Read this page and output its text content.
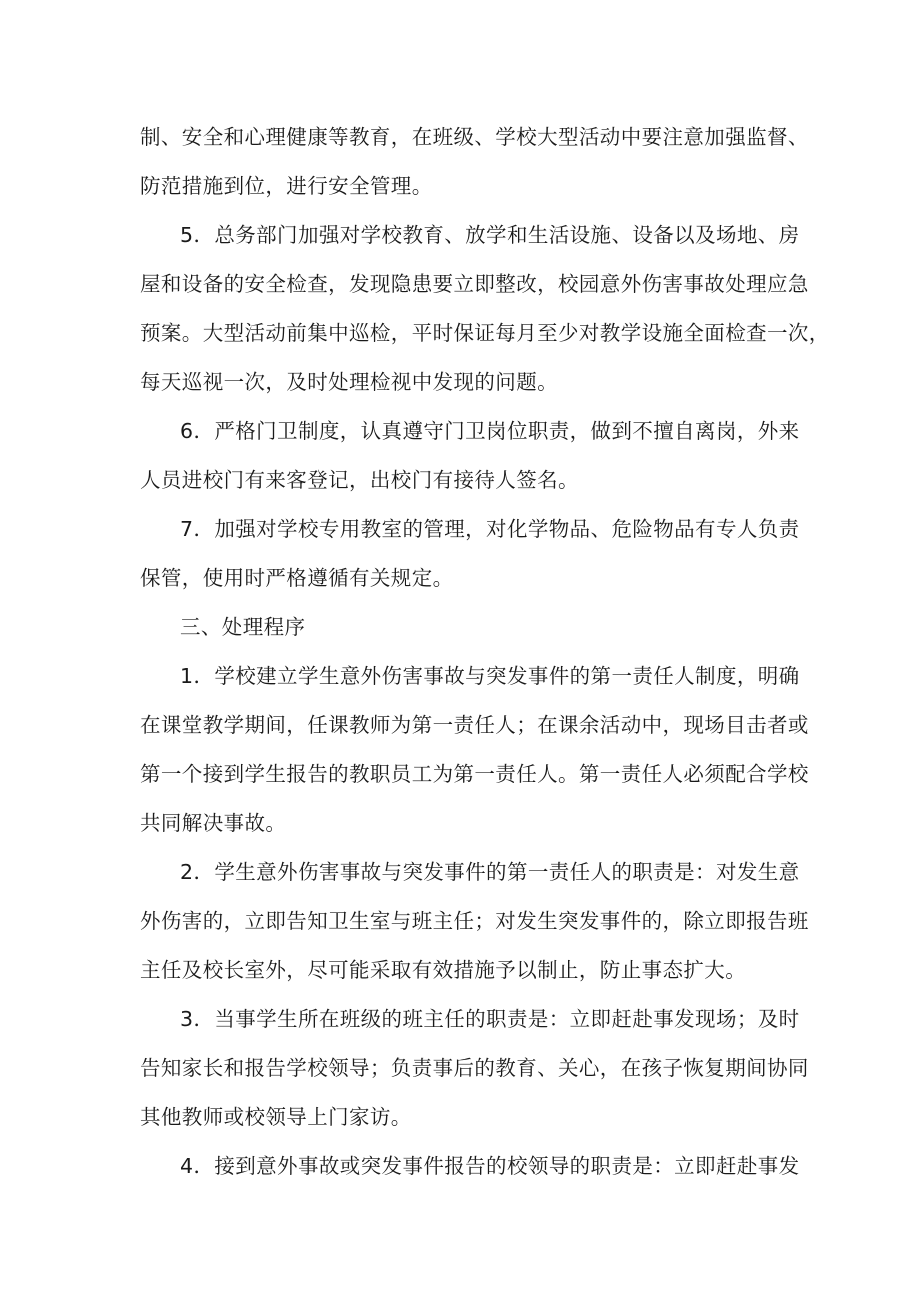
制、安全和心理健康等教育，在班级、学校大型活动中要注意加强监督、
防范措施到位，进行安全管理。
5．总务部门加强对学校教育、放学和生活设施、设备以及场地、房
屋和设备的安全检查，发现隐患要立即整改，校园意外伤害事故处理应急
预案。大型活动前集中巡检，平时保证每月至少对教学设施全面检查一次，
每天巡视一次，及时处理检视中发现的问题。
6．严格门卫制度，认真遵守门卫岗位职责，做到不擅自离岗，外来
人员进校门有来客登记，出校门有接待人签名。
7．加强对学校专用教室的管理，对化学物品、危险物品有专人负责
保管，使用时严格遵循有关规定。
三、处理程序
1．学校建立学生意外伤害事故与突发事件的第一责任人制度，明确
在课堂教学期间，任课教师为第一责任人；在课余活动中，现场目击者或
第一个接到学生报告的教职员工为第一责任人。第一责任人必须配合学校
共同解决事故。
2．学生意外伤害事故与突发事件的第一责任人的职责是：对发生意
外伤害的，立即告知卫生室与班主任；对发生突发事件的，除立即报告班
主任及校长室外，尽可能采取有效措施予以制止，防止事态扩大。
3．当事学生所在班级的班主任的职责是：立即赶赴事发现场；及时
告知家长和报告学校领导；负责事后的教育、关心，在孩子恢复期间协同
其他教师或校领导上门家访。
4．接到意外事故或突发事件报告的校领导的职责是：立即赶赴事发
